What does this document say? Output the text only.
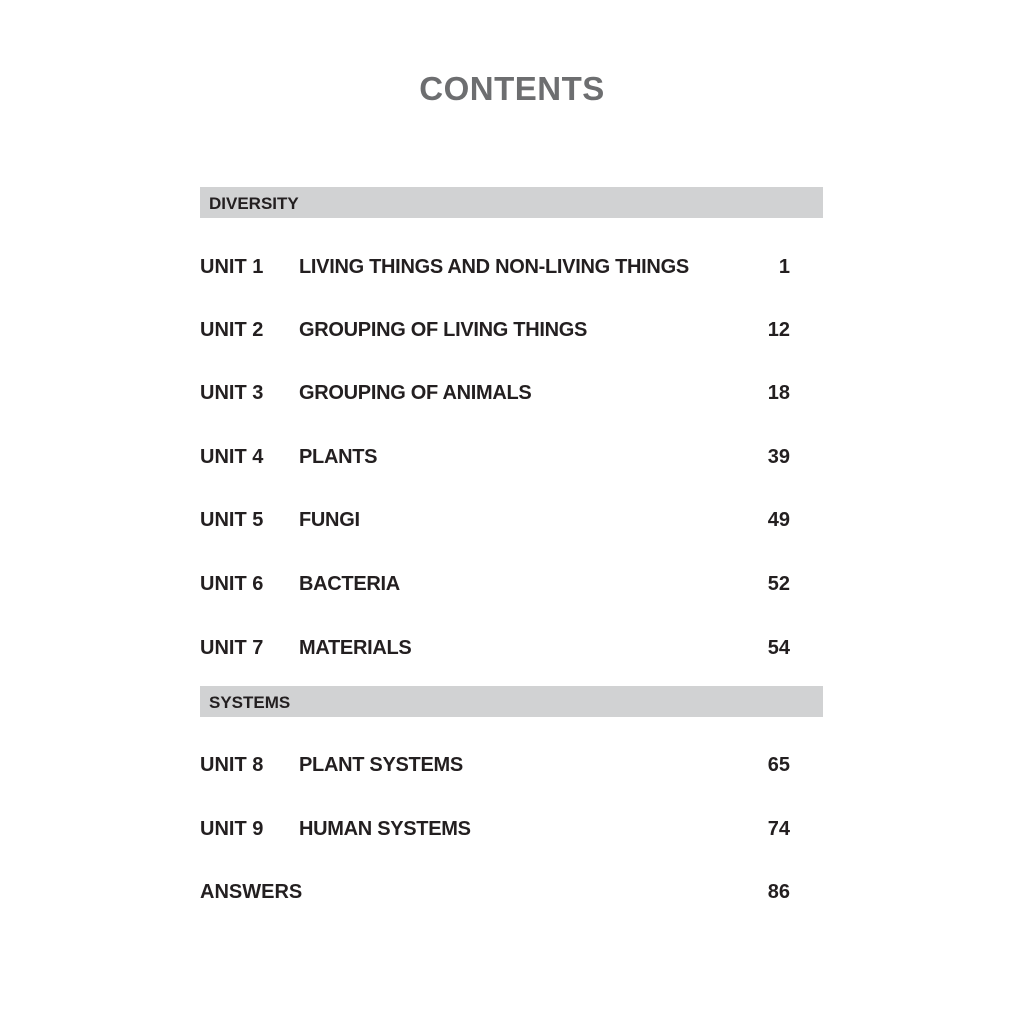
CONTENTS
DIVERSITY
UNIT 1 LIVING THINGS AND NON-LIVING THINGS	1
UNIT 2 GROUPING OF LIVING THINGS	12
UNIT 3 GROUPING OF ANIMALS	18
UNIT 4 PLANTS	39
UNIT 5 FUNGI	49
UNIT 6 BACTERIA	52
UNIT 7 MATERIALS	54
SYSTEMS
UNIT 8 PLANT SYSTEMS	65
UNIT 9 HUMAN SYSTEMS	74
ANSWERS	86
